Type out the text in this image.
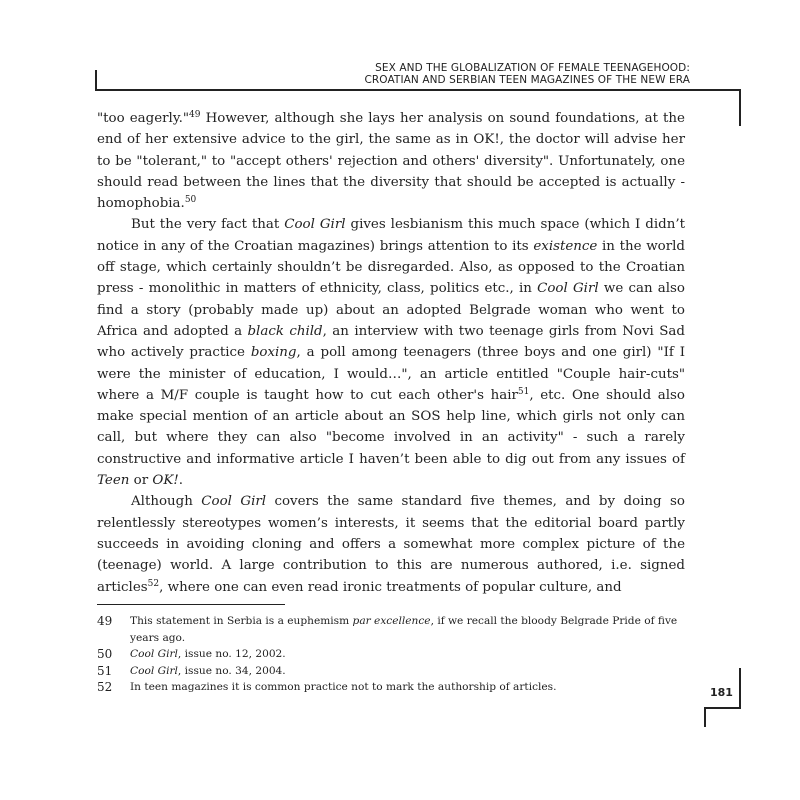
SEX AND THE GLOBALIZATION OF FEMALE TEENAGEHOOD:
CROATIAN AND SERBIAN TEEN MAGAZINES OF THE NEW ERA

"too eagerly."$^{49}$ However, although she lays her analysis on sound foundations, at the end of her extensive advice to the girl, the same as in OK!, the doctor will advise her to be "tolerant," to "accept others' rejection and others' diversity". Unfortunately, one should read between the lines that the diversity that should be accepted is actually - homophobia.$^{50}$

But the very fact that Cool Girl gives lesbianism this much space (which I didn’t notice in any of the Croatian magazines) brings attention to its existence in the world off stage, which certainly shouldn’t be disregarded. Also, as opposed to the Croatian press - monolithic in matters of ethnicity, class, politics etc., in Cool Girl we can also find a story (probably made up) about an adopted Belgrade woman who went to Africa and adopted a black child, an interview with two teenage girls from Novi Sad who actively practice boxing, a poll among teenagers (three boys and one girl) "If I were the minister of education, I would…", an article entitled "Couple hair-cuts" where a M/F couple is taught how to cut each other's hair$^{51}$, etc. One should also make special mention of an article about an SOS help line, which girls not only can call, but where they can also "become involved in an activity" - such a rarely constructive and informative article I haven’t been able to dig out from any issues of Teen or OK!.

Although Cool Girl covers the same standard five themes, and by doing so relentlessly stereotypes women’s interests, it seems that the editorial board partly succeeds in avoiding cloning and offers a somewhat more complex picture of the (teenage) world. A large contribution to this are numerous authored, i.e. signed articles$^{52}$, where one can even read ironic treatments of popular culture, and

49	This statement in Serbia is a euphemism par excellence, if we recall the bloody Belgrade Pride of five years ago.
50	Cool Girl, issue no. 12, 2002.
51	Cool Girl, issue no. 34, 2004.
52	In teen magazines it is common practice not to mark the authorship of articles.	181
